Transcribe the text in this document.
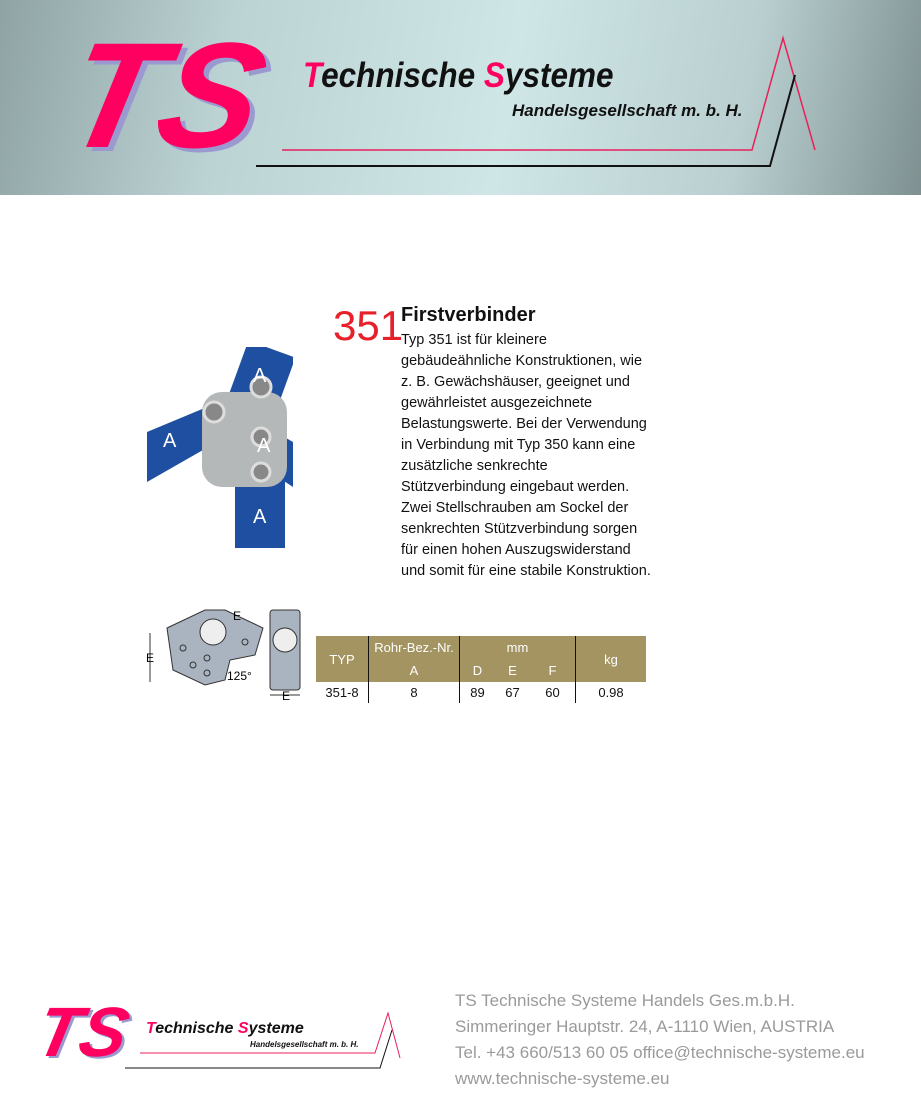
TS Technische Systeme
Handelsgesellschaft m. b. H.
A
A	A
A
E
E
E
125°
351
Firstverbinder
Typ 351 ist für kleinere gebäudeähnliche Konstruktionen, wie z. B. Gewächshäuser, geeignet und gewährleistet ausgezeichnete Belastungswerte. Bei der Verwendung in Verbindung mit Typ 350 kann eine zusätzliche senkrechte Stützverbindung eingebaut werden. Zwei Stellschrauben am Sockel der senkrechten Stützverbindung sorgen für einen hohen Auszugswiderstand und somit für eine stabile Konstruktion.
TYP	Rohr-Bez.-Nr.	mm			kg
	A	D	E	F	
351-8	8	89	67	60	0.98
TS Technische Systeme
Handelsgesellschaft m. b. H.
TS Technische Systeme Handels Ges.m.b.H.
Simmeringer Hauptstr. 24, A-1110 Wien, AUSTRIA
Tel. +43 660/513 60 05 office@technische-systeme.eu
www.technische-systeme.eu
